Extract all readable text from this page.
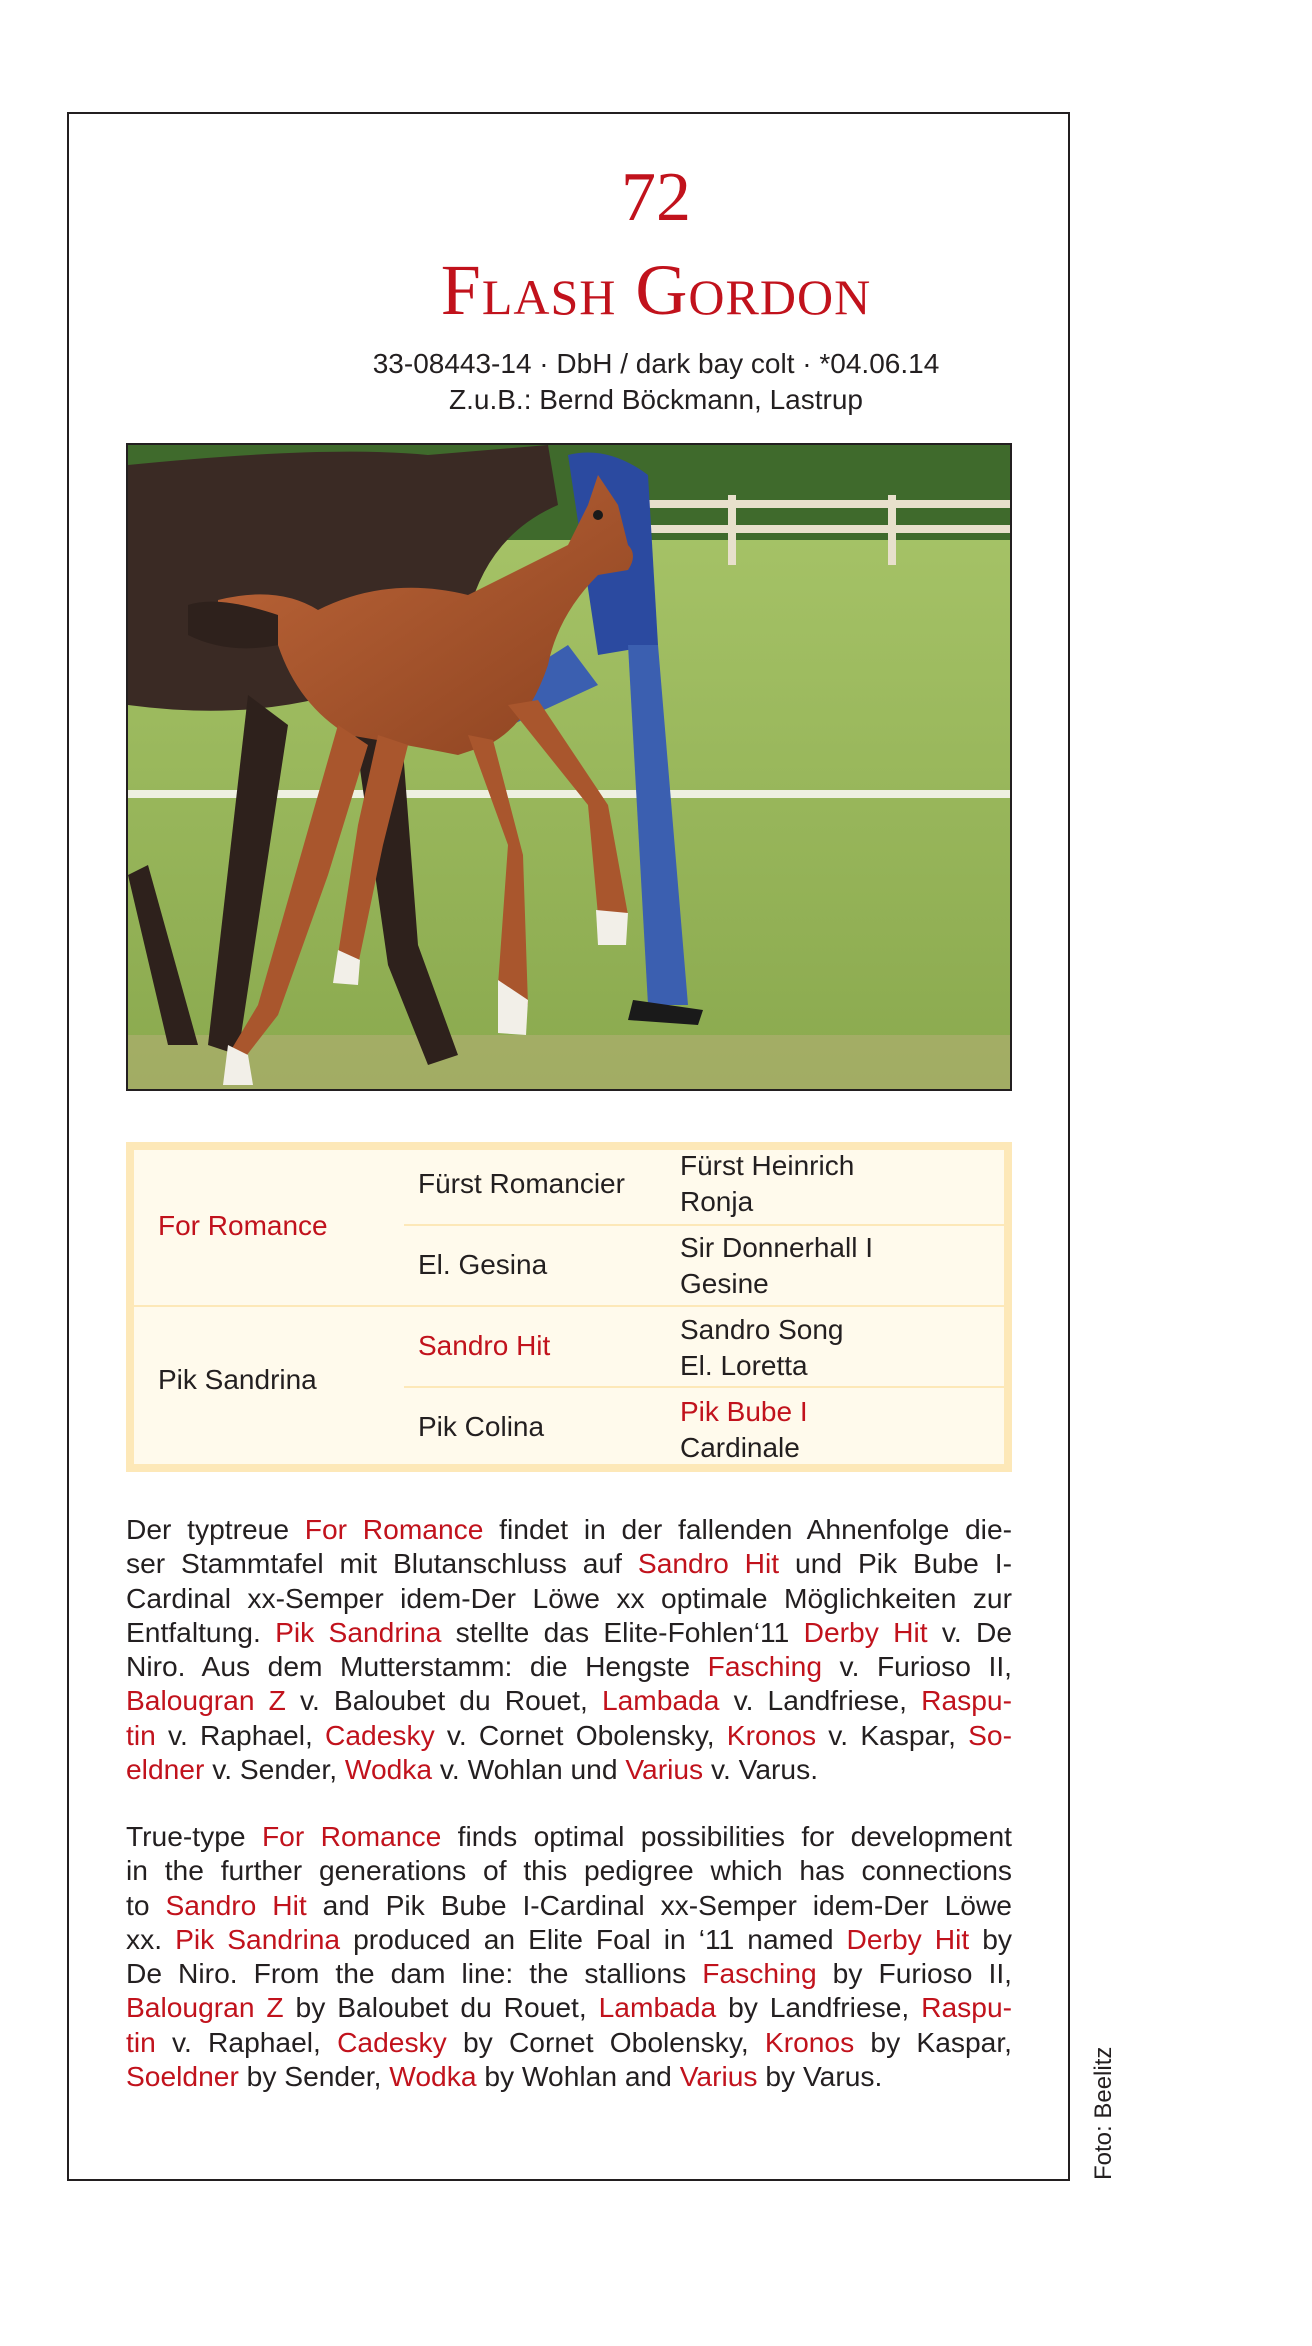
72
Flash Gordon
33-08443-14 · DbH / dark bay colt · *04.06.14
Z.u.B.: Bernd Böckmann, Lastrup
For Romance
Pik Sandrina
Fürst Romancier
El. Gesina
Sandro Hit
Pik Colina
Fürst Heinrich
Ronja
Sir Donnerhall I
Gesine
Sandro Song
El. Loretta
Pik Bube I
Cardinale
Der typtreue For Romance findet in der fallenden Ahnenfolge die-
ser Stammtafel mit Blutanschluss auf Sandro Hit und Pik Bube I-
Cardinal xx-Semper idem-Der Löwe xx optimale Möglichkeiten zur
Entfaltung. Pik Sandrina stellte das Elite-Fohlen‘11 Derby Hit v. De
Niro. Aus dem Mutterstamm: die Hengste Fasching v. Furioso II,
Balougran Z v. Baloubet du Rouet, Lambada v. Landfriese, Raspu-
tin v. Raphael, Cadesky v. Cornet Obolensky, Kronos v. Kaspar, So-
eldner v. Sender, Wodka v. Wohlan und Varius v. Varus.
True-type For Romance finds optimal possibilities for development
in the further generations of this pedigree which has connections
to Sandro Hit and Pik Bube I-Cardinal xx-Semper idem-Der Löwe
xx. Pik Sandrina produced an Elite Foal in ‘11 named Derby Hit by
De Niro. From the dam line: the stallions Fasching by Furioso II,
Balougran Z by Baloubet du Rouet, Lambada by Landfriese, Raspu-
tin v. Raphael, Cadesky by Cornet Obolensky, Kronos by Kaspar,
Soeldner by Sender, Wodka by Wohlan and Varius by Varus.	Foto: Beelitz
